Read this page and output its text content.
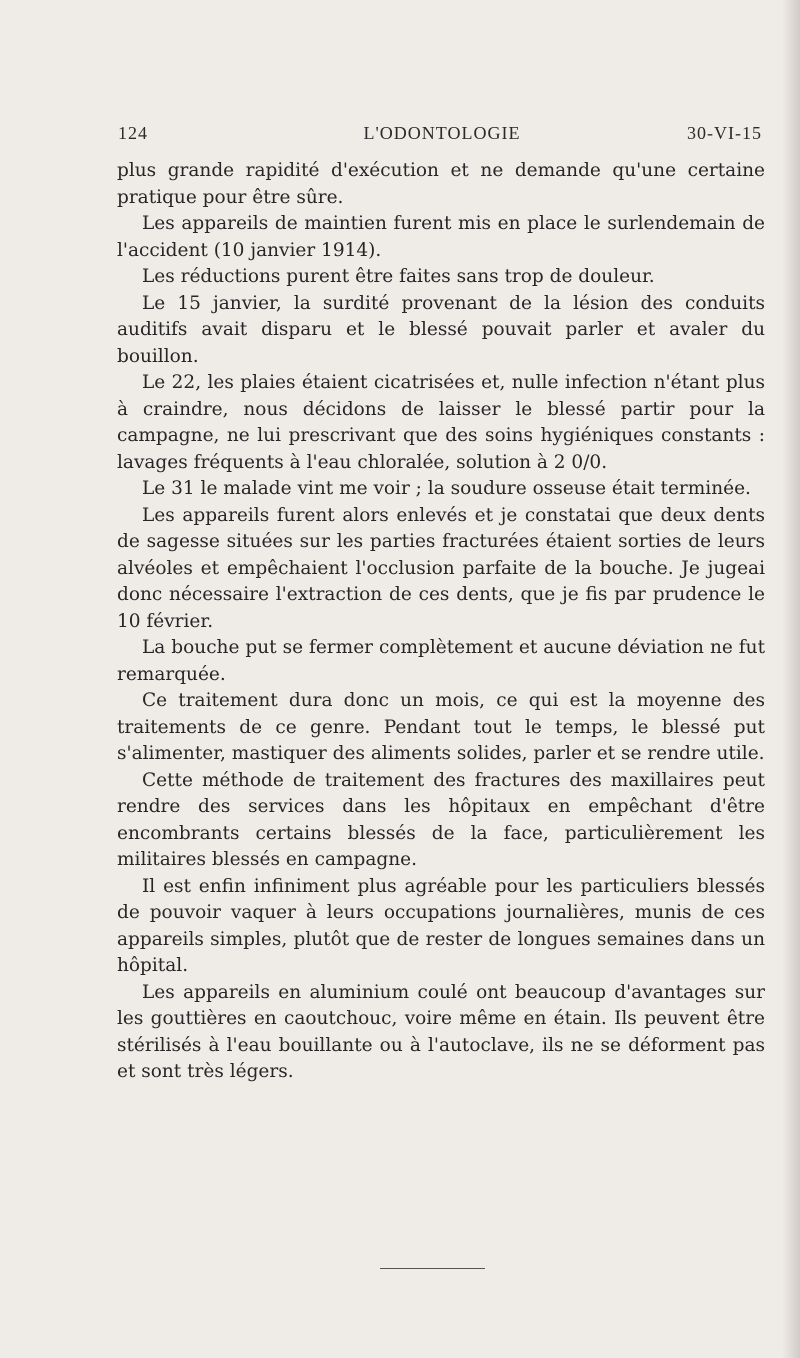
L'ODONTOLOGIE
124	30-VI-15

plus grande rapidité d'exécution et ne demande qu'une certaine pratique pour être sûre.

Les appareils de maintien furent mis en place le surlendemain de l'accident (10 janvier 1914).

Les réductions purent être faites sans trop de douleur.

Le 15 janvier, la surdité provenant de la lésion des conduits auditifs avait disparu et le blessé pouvait parler et avaler du bouillon.

Le 22, les plaies étaient cicatrisées et, nulle infection n'étant plus à craindre, nous décidons de laisser le blessé partir pour la campagne, ne lui prescrivant que des soins hygiéniques constants : lavages fréquents à l'eau chloralée, solution à 2 0/0.

Le 31 le malade vint me voir ; la soudure osseuse était terminée.

Les appareils furent alors enlevés et je constatai que deux dents de sagesse situées sur les parties fracturées étaient sorties de leurs alvéoles et empêchaient l'occlusion parfaite de la bouche. Je jugeai donc nécessaire l'extraction de ces dents, que je fis par prudence le 10 février.

La bouche put se fermer complètement et aucune déviation ne fut remarquée.

Ce traitement dura donc un mois, ce qui est la moyenne des traitements de ce genre. Pendant tout le temps, le blessé put s'alimenter, mastiquer des aliments solides, parler et se rendre utile.

Cette méthode de traitement des fractures des maxillaires peut rendre des services dans les hôpitaux en empêchant d'être encombrants certains blessés de la face, particulièrement les militaires blessés en campagne.

Il est enfin infiniment plus agréable pour les particuliers blessés de pouvoir vaquer à leurs occupations journalières, munis de ces appareils simples, plutôt que de rester de longues semaines dans un hôpital.

Les appareils en aluminium coulé ont beaucoup d'avantages sur les gouttières en caoutchouc, voire même en étain. Ils peuvent être stérilisés à l'eau bouillante ou à l'autoclave, ils ne se déforment pas et sont très légers.
